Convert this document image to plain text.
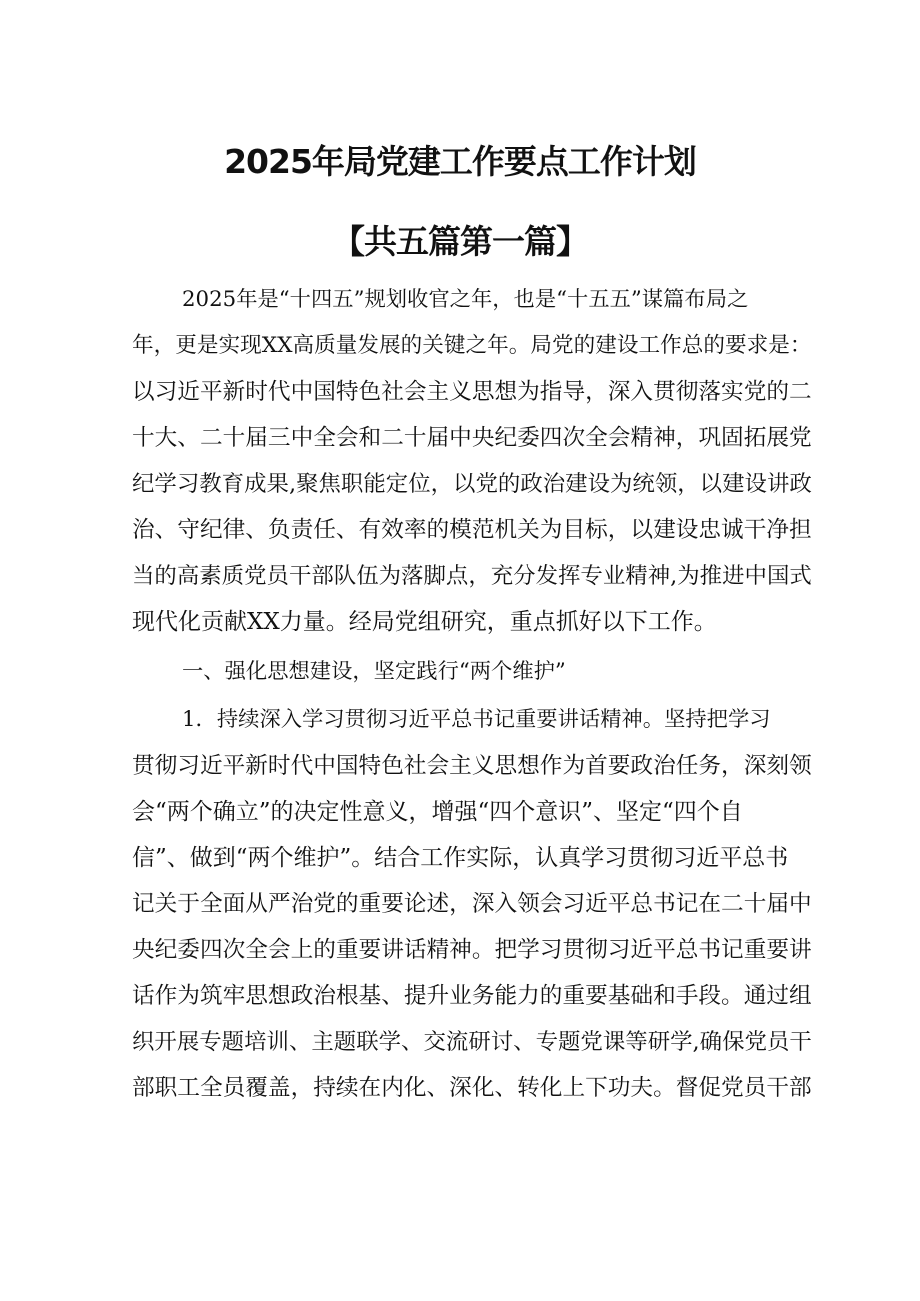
2025年局党建工作要点工作计划
【共五篇第一篇】
2025年是“十四五”规划收官之年，也是“十五五”谋篇布局之
年，更是实现XX高质量发展的关键之年。局党的建设工作总的要求是：
以习近平新时代中国特色社会主义思想为指导，深入贯彻落实党的二
十大、二十届三中全会和二十届中央纪委四次全会精神，巩固拓展党
纪学习教育成果,聚焦职能定位，以党的政治建设为统领，以建设讲政
治、守纪律、负责任、有效率的模范机关为目标，以建设忠诚干净担
当的高素质党员干部队伍为落脚点，充分发挥专业精神,为推进中国式
现代化贡献XX力量。经局党组研究，重点抓好以下工作。
一、强化思想建设，坚定践行“两个维护”
1．持续深入学习贯彻习近平总书记重要讲话精神。坚持把学习
贯彻习近平新时代中国特色社会主义思想作为首要政治任务，深刻领
会“两个确立”的决定性意义，增强“四个意识”、坚定“四个自
信”、做到“两个维护”。结合工作实际，认真学习贯彻习近平总书
记关于全面从严治党的重要论述，深入领会习近平总书记在二十届中
央纪委四次全会上的重要讲话精神。把学习贯彻习近平总书记重要讲
话作为筑牢思想政治根基、提升业务能力的重要基础和手段。通过组
织开展专题培训、主题联学、交流研讨、专题党课等研学,确保党员干
部职工全员覆盖，持续在内化、深化、转化上下功夫。督促党员干部
